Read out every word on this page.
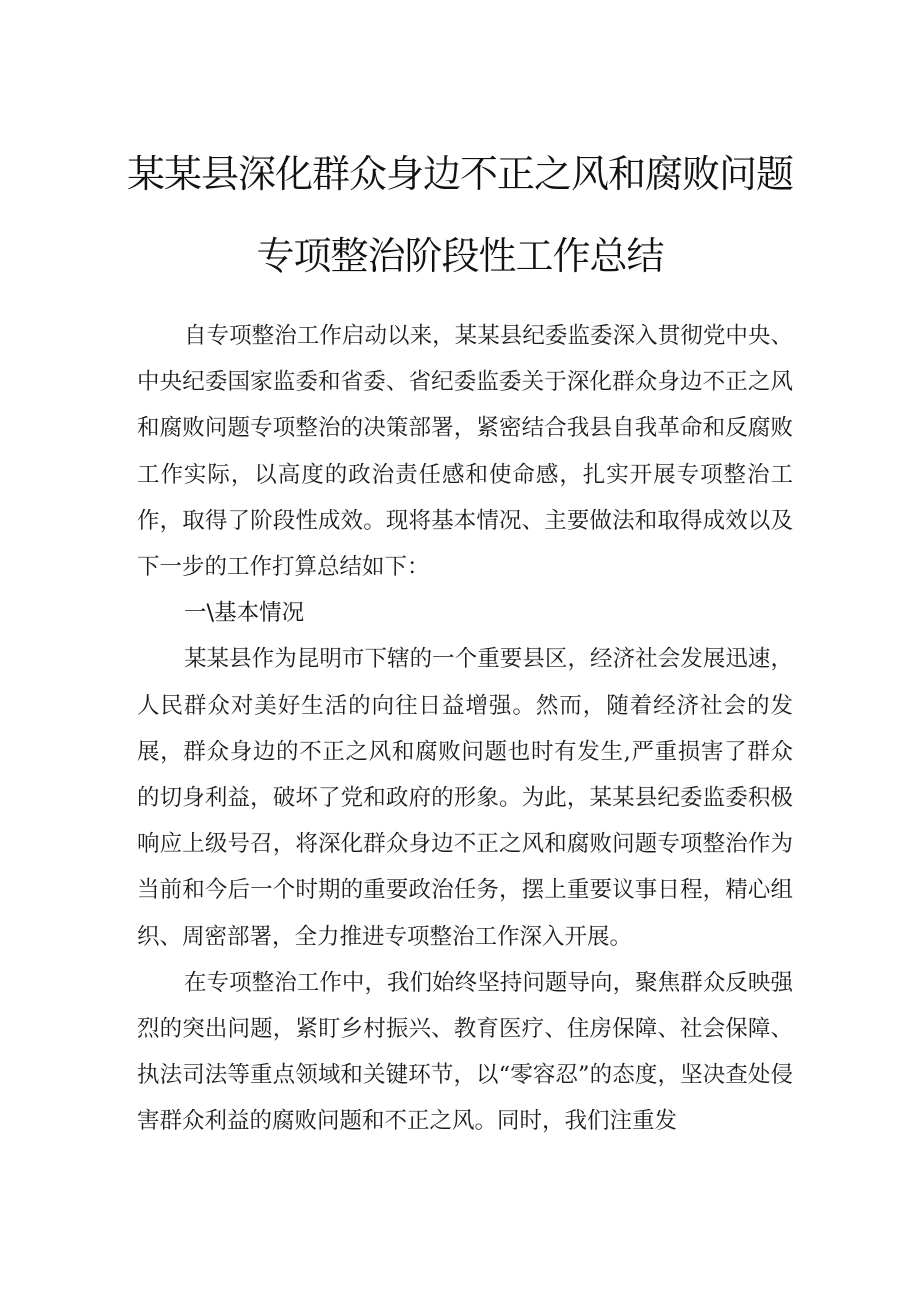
某某县深化群众身边不正之风和腐败问题
专项整治阶段性工作总结

自专项整治工作启动以来，某某县纪委监委深入贯彻党中央、中央纪委国家监委和省委、省纪委监委关于深化群众身边不正之风和腐败问题专项整治的决策部署，紧密结合我县自我革命和反腐败工作实际，以高度的政治责任感和使命感，扎实开展专项整治工作，取得了阶段性成效。现将基本情况、主要做法和取得成效以及下一步的工作打算总结如下：

一\基本情况

某某县作为昆明市下辖的一个重要县区，经济社会发展迅速，人民群众对美好生活的向往日益增强。然而，随着经济社会的发展，群众身边的不正之风和腐败问题也时有发生,严重损害了群众的切身利益，破坏了党和政府的形象。为此，某某县纪委监委积极响应上级号召，将深化群众身边不正之风和腐败问题专项整治作为当前和今后一个时期的重要政治任务，摆上重要议事日程，精心组织、周密部署，全力推进专项整治工作深入开展。

在专项整治工作中，我们始终坚持问题导向，聚焦群众反映强烈的突出问题，紧盯乡村振兴、教育医疗、住房保障、社会保障、执法司法等重点领域和关键环节，以“零容忍”的态度，坚决查处侵害群众利益的腐败问题和不正之风。同时，我们注重发
